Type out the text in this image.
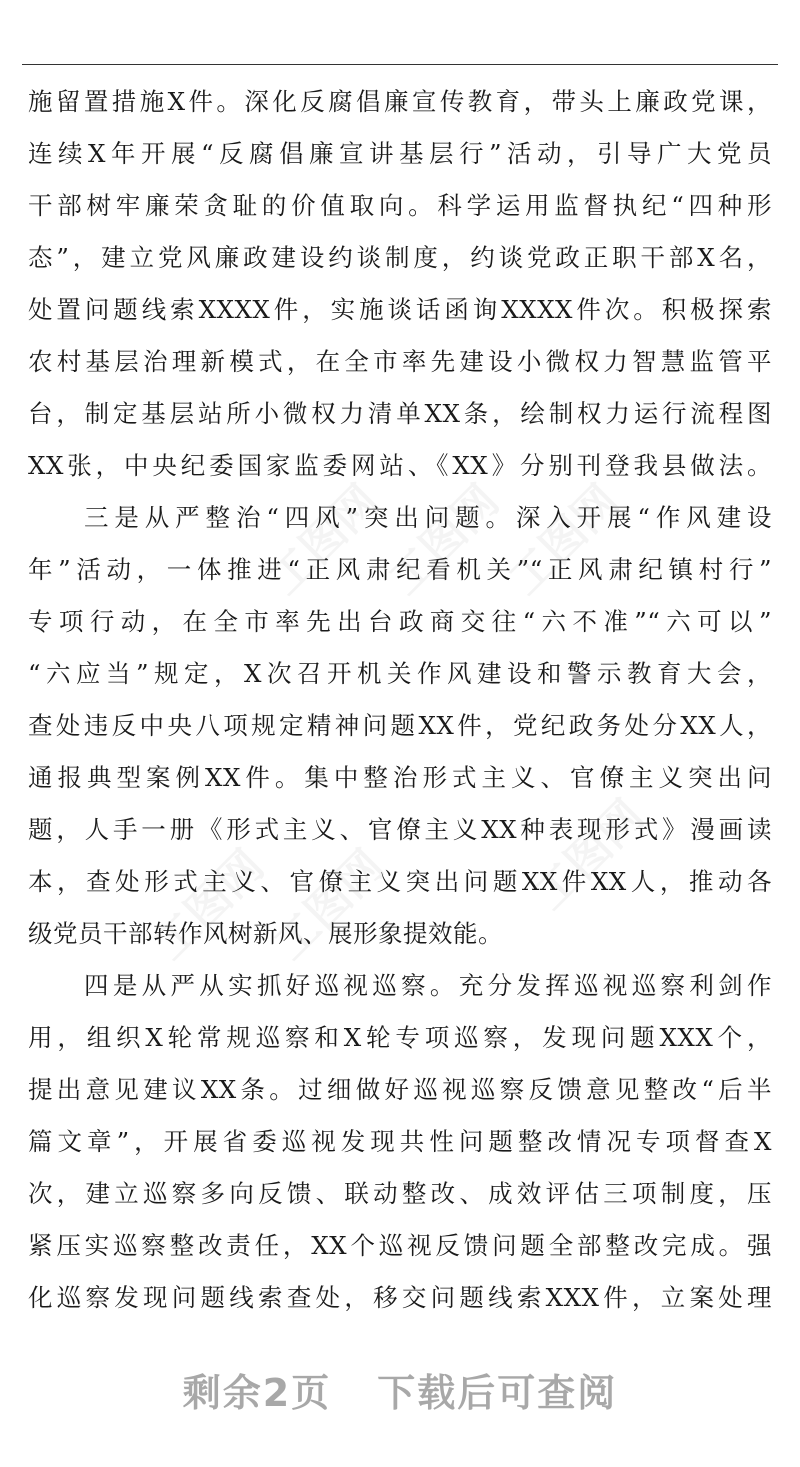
施留置措施X件。深化反腐倡廉宣传教育，带头上廉政党课，
连续X年开展“反腐倡廉宣讲基层行”活动，引导广大党员
干部树牢廉荣贪耻的价值取向。科学运用监督执纪“四种形
态”，建立党风廉政建设约谈制度，约谈党政正职干部X名，
处置问题线索XXXX件，实施谈话函询XXXX件次。积极探索
农村基层治理新模式，在全市率先建设小微权力智慧监管平
台，制定基层站所小微权力清单XX条，绘制权力运行流程图
XX张，中央纪委国家监委网站、《XX》分别刊登我县做法。
三是从严整治“四风”突出问题。深入开展“作风建设
年”活动，一体推进“正风肃纪看机关”“正风肃纪镇村行”
专项行动，在全市率先出台政商交往“六不准”“六可以”
“六应当”规定，X次召开机关作风建设和警示教育大会，
查处违反中央八项规定精神问题XX件，党纪政务处分XX人，
通报典型案例XX件。集中整治形式主义、官僚主义突出问
题，人手一册《形式主义、官僚主义XX种表现形式》漫画读
本，查处形式主义、官僚主义突出问题XX件XX人，推动各
级党员干部转作风树新风、展形象提效能。
四是从严从实抓好巡视巡察。充分发挥巡视巡察利剑作
用，组织X轮常规巡察和X轮专项巡察，发现问题XXX个，
提出意见建议XX条。过细做好巡视巡察反馈意见整改“后半
篇文章”，开展省委巡视发现共性问题整改情况专项督查X
次，建立巡察多向反馈、联动整改、成效评估三项制度，压
紧压实巡察整改责任，XX个巡视反馈问题全部整改完成。强
化巡察发现问题线索查处，移交问题线索XXX件，立案处理
工图网
工图网
工图网
工图网
工图网	工图网
剩余2页 下载后可查阅
